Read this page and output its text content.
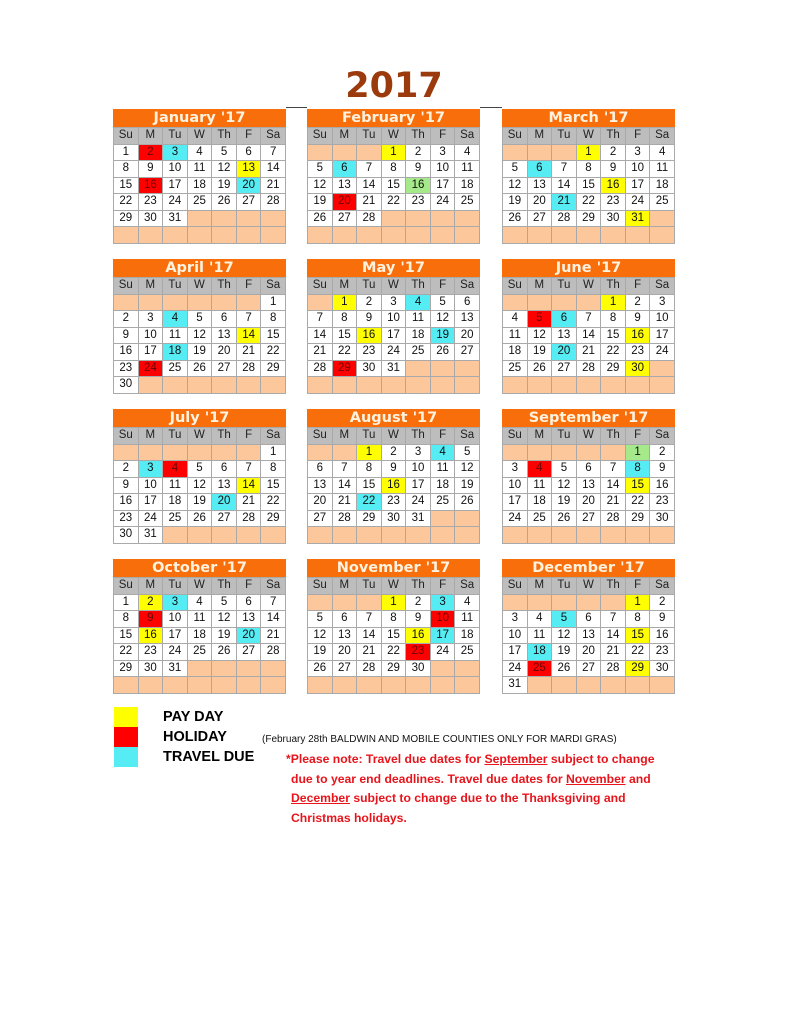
2017
January '17
Su	M	Tu	W	Th	F	Sa
1	2	3	4	5	6	7
8	9	10	11	12	13	14
15	16	17	18	19	20	21
22	23	24	25	26	27	28
29	30	31				

February '17
Su	M	Tu	W	Th	F	Sa
			1	2	3	4
5	6	7	8	9	10	11
12	13	14	15	16	17	18
19	20	21	22	23	24	25
26	27	28				

March '17
Su	M	Tu	W	Th	F	Sa
			1	2	3	4
5	6	7	8	9	10	11
12	13	14	15	16	17	18
19	20	21	22	23	24	25
26	27	28	29	30	31	

April '17
Su	M	Tu	W	Th	F	Sa
						1
2	3	4	5	6	7	8
9	10	11	12	13	14	15
16	17	18	19	20	21	22
23	24	25	26	27	28	29
30						
May '17
Su	M	Tu	W	Th	F	Sa
	1	2	3	4	5	6
7	8	9	10	11	12	13
14	15	16	17	18	19	20
21	22	23	24	25	26	27
28	29	30	31			

June '17
Su	M	Tu	W	Th	F	Sa
				1	2	3
4	5	6	7	8	9	10
11	12	13	14	15	16	17
18	19	20	21	22	23	24
25	26	27	28	29	30	

July '17
Su	M	Tu	W	Th	F	Sa
						1
2	3	4	5	6	7	8
9	10	11	12	13	14	15
16	17	18	19	20	21	22
23	24	25	26	27	28	29
30	31					
August '17
Su	M	Tu	W	Th	F	Sa
		1	2	3	4	5
6	7	8	9	10	11	12
13	14	15	16	17	18	19
20	21	22	23	24	25	26
27	28	29	30	31		

September '17
Su	M	Tu	W	Th	F	Sa
					1	2
3	4	5	6	7	8	9
10	11	12	13	14	15	16
17	18	19	20	21	22	23
24	25	26	27	28	29	30

October '17
Su	M	Tu	W	Th	F	Sa
1	2	3	4	5	6	7
8	9	10	11	12	13	14
15	16	17	18	19	20	21
22	23	24	25	26	27	28
29	30	31				

November '17
Su	M	Tu	W	Th	F	Sa
			1	2	3	4
5	6	7	8	9	10	11
12	13	14	15	16	17	18
19	20	21	22	23	24	25
26	27	28	29	30		

December '17
Su	M	Tu	W	Th	F	Sa
					1	2
3	4	5	6	7	8	9
10	11	12	13	14	15	16
17	18	19	20	21	22	23
24	25	26	27	28	29	30
31						
PAY DAY
HOLIDAY
TRAVEL DUE
(February 28th BALDWIN AND MOBILE COUNTIES ONLY FOR MARDI GRAS)
*Please note: Travel due dates for September subject to change
due to year end deadlines. Travel due dates for November and
December subject to change due to the Thanksgiving and
Christmas holidays.
